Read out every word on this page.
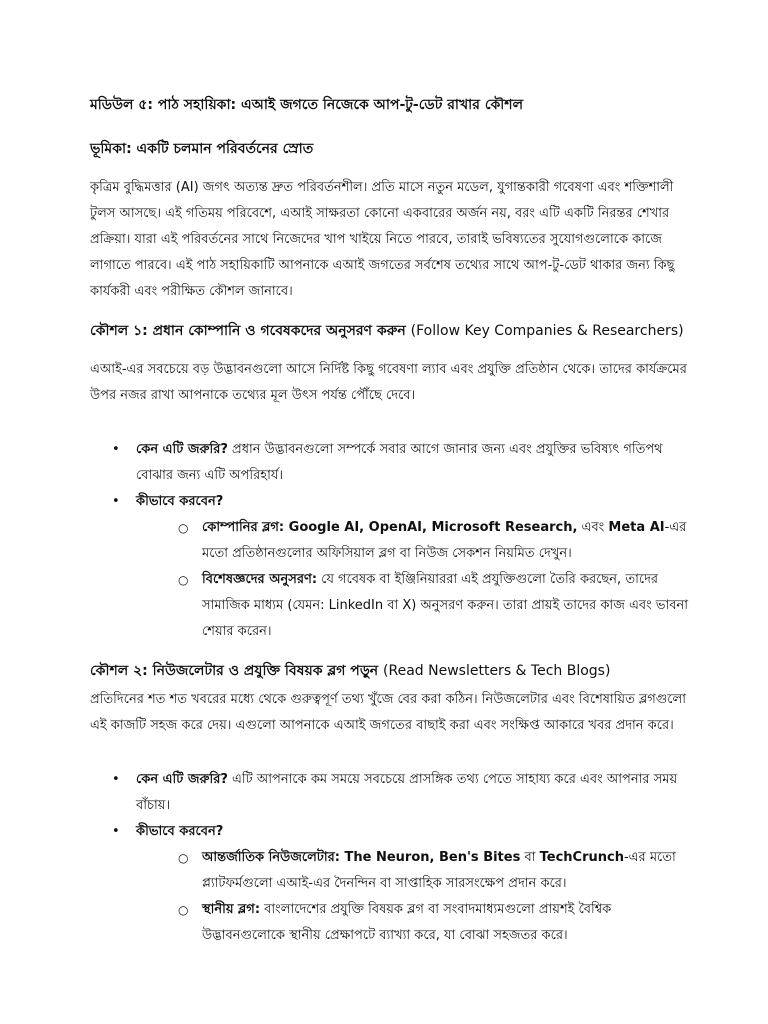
মডিউল ৫: পাঠ সহায়িকা: এআই জগতে নিজেকে আপ-টু-ডেট রাখার কৌশল
ভূমিকা: একটি চলমান পরিবর্তনের স্রোত

কৃত্রিম বুদ্ধিমত্তার (AI) জগৎ অত্যন্ত দ্রুত পরিবর্তনশীল। প্রতি মাসে নতুন মডেল, যুগান্তকারী গবেষণা এবং শক্তিশালী টুলস আসছে। এই গতিময় পরিবেশে, এআই সাক্ষরতা কোনো একবারের অর্জন নয়, বরং এটি একটি নিরন্তর শেখার প্রক্রিয়া। যারা এই পরিবর্তনের সাথে নিজেদের খাপ খাইয়ে নিতে পারবে, তারাই ভবিষ্যতের সুযোগগুলোকে কাজে লাগাতে পারবে। এই পাঠ সহায়িকাটি আপনাকে এআই জগতের সর্বশেষ তথ্যের সাথে আপ-টু-ডেট থাকার জন্য কিছু কার্যকরী এবং পরীক্ষিত কৌশল জানাবে।

কৌশল ১: প্রধান কোম্পানি ও গবেষকদের অনুসরণ করুন (Follow Key Companies & Researchers)

এআই-এর সবচেয়ে বড় উদ্ভাবনগুলো আসে নির্দিষ্ট কিছু গবেষণা ল্যাব এবং প্রযুক্তি প্রতিষ্ঠান থেকে। তাদের কার্যক্রমের উপর নজর রাখা আপনাকে তথ্যের মূল উৎস পর্যন্ত পৌঁছে দেবে।

• কেন এটি জরুরি? প্রধান উদ্ভাবনগুলো সম্পর্কে সবার আগে জানার জন্য এবং প্রযুক্তির ভবিষ্যৎ গতিপথ বোঝার জন্য এটি অপরিহার্য।
• কীভাবে করবেন?
○ কোম্পানির ব্লগ: Google AI, OpenAI, Microsoft Research, এবং Meta AI-এর মতো প্রতিষ্ঠানগুলোর অফিসিয়াল ব্লগ বা নিউজ সেকশন নিয়মিত দেখুন।
○ বিশেষজ্ঞদের অনুসরণ: যে গবেষক বা ইঞ্জিনিয়াররা এই প্রযুক্তিগুলো তৈরি করছেন, তাদের সামাজিক মাধ্যম (যেমন: LinkedIn বা X) অনুসরণ করুন। তারা প্রায়ই তাদের কাজ এবং ভাবনা শেয়ার করেন।
কৌশল ২: নিউজলেটার ও প্রযুক্তি বিষয়ক ব্লগ পড়ুন (Read Newsletters & Tech Blogs)

প্রতিদিনের শত শত খবরের মধ্যে থেকে গুরুত্বপূর্ণ তথ্য খুঁজে বের করা কঠিন। নিউজলেটার এবং বিশেষায়িত ব্লগগুলো এই কাজটি সহজ করে দেয়। এগুলো আপনাকে এআই জগতের বাছাই করা এবং সংক্ষিপ্ত আকারে খবর প্রদান করে।

• কেন এটি জরুরি? এটি আপনাকে কম সময়ে সবচেয়ে প্রাসঙ্গিক তথ্য পেতে সাহায্য করে এবং আপনার সময় বাঁচায়।
• কীভাবে করবেন?
○ আন্তর্জাতিক নিউজলেটার: The Neuron, Ben's Bites বা TechCrunch-এর মতো প্ল্যাটফর্মগুলো এআই-এর দৈনন্দিন বা সাপ্তাহিক সারসংক্ষেপ প্রদান করে।
○ স্থানীয় ব্লগ: বাংলাদেশের প্রযুক্তি বিষয়ক ব্লগ বা সংবাদমাধ্যমগুলো প্রায়শই বৈশ্বিক উদ্ভাবনগুলোকে স্থানীয় প্রেক্ষাপটে ব্যাখ্যা করে, যা বোঝা সহজতর করে।
